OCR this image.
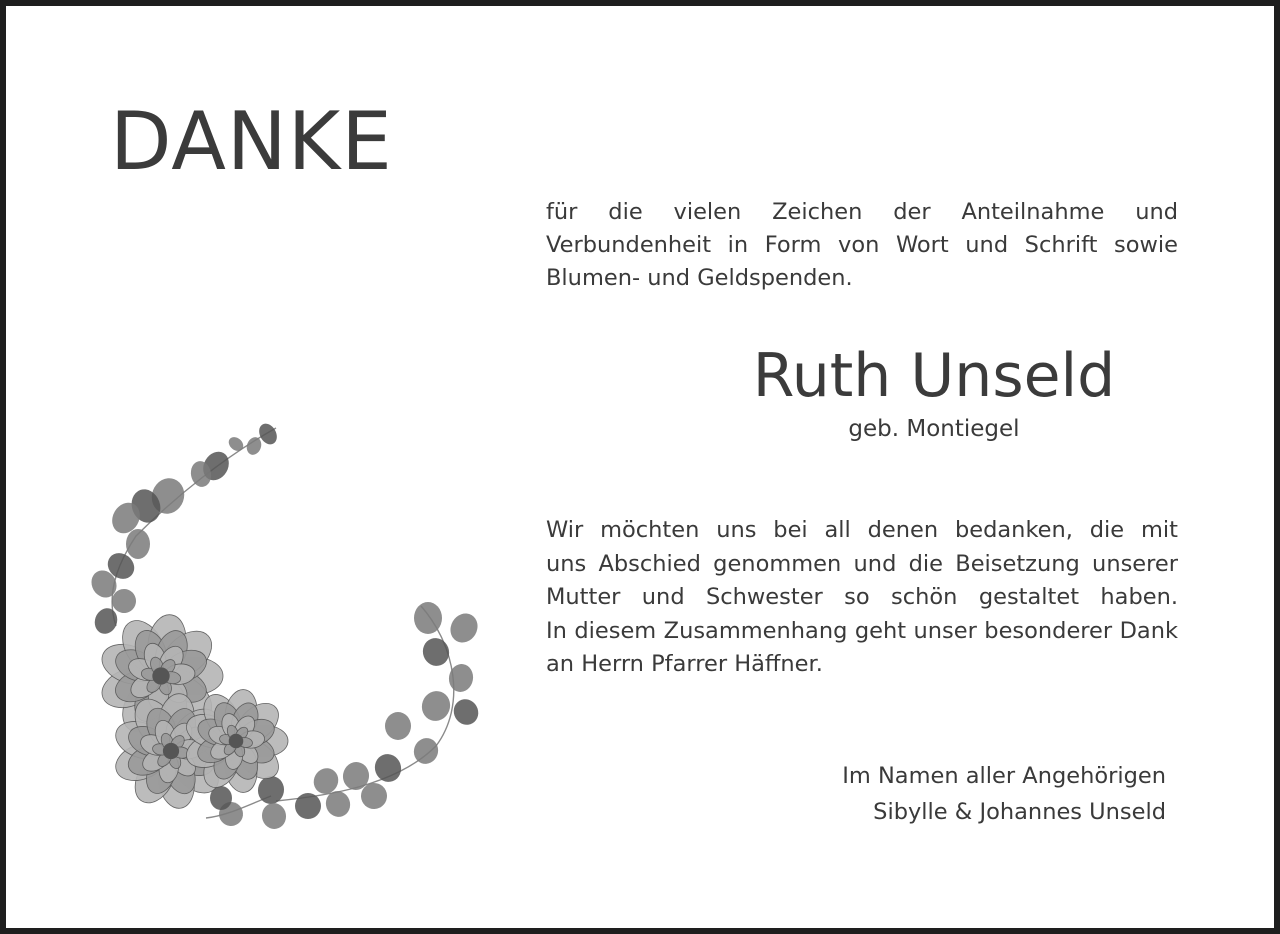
DANKE

für die vielen Zeichen der Anteilnahme und Verbundenheit in Form von Wort und Schrift sowie Blumen- und Geldspenden.

Ruth Unseld
geb. Montiegel

Wir möchten uns bei all denen bedanken, die mit
uns Abschied genommen und die Beisetzung unserer
Mutter und Schwester so schön gestaltet haben.
In diesem Zusammenhang geht unser besonderer Dank
an Herrn Pfarrer Häffner.

Im Namen aller Angehörigen
Sibylle & Johannes Unseld
